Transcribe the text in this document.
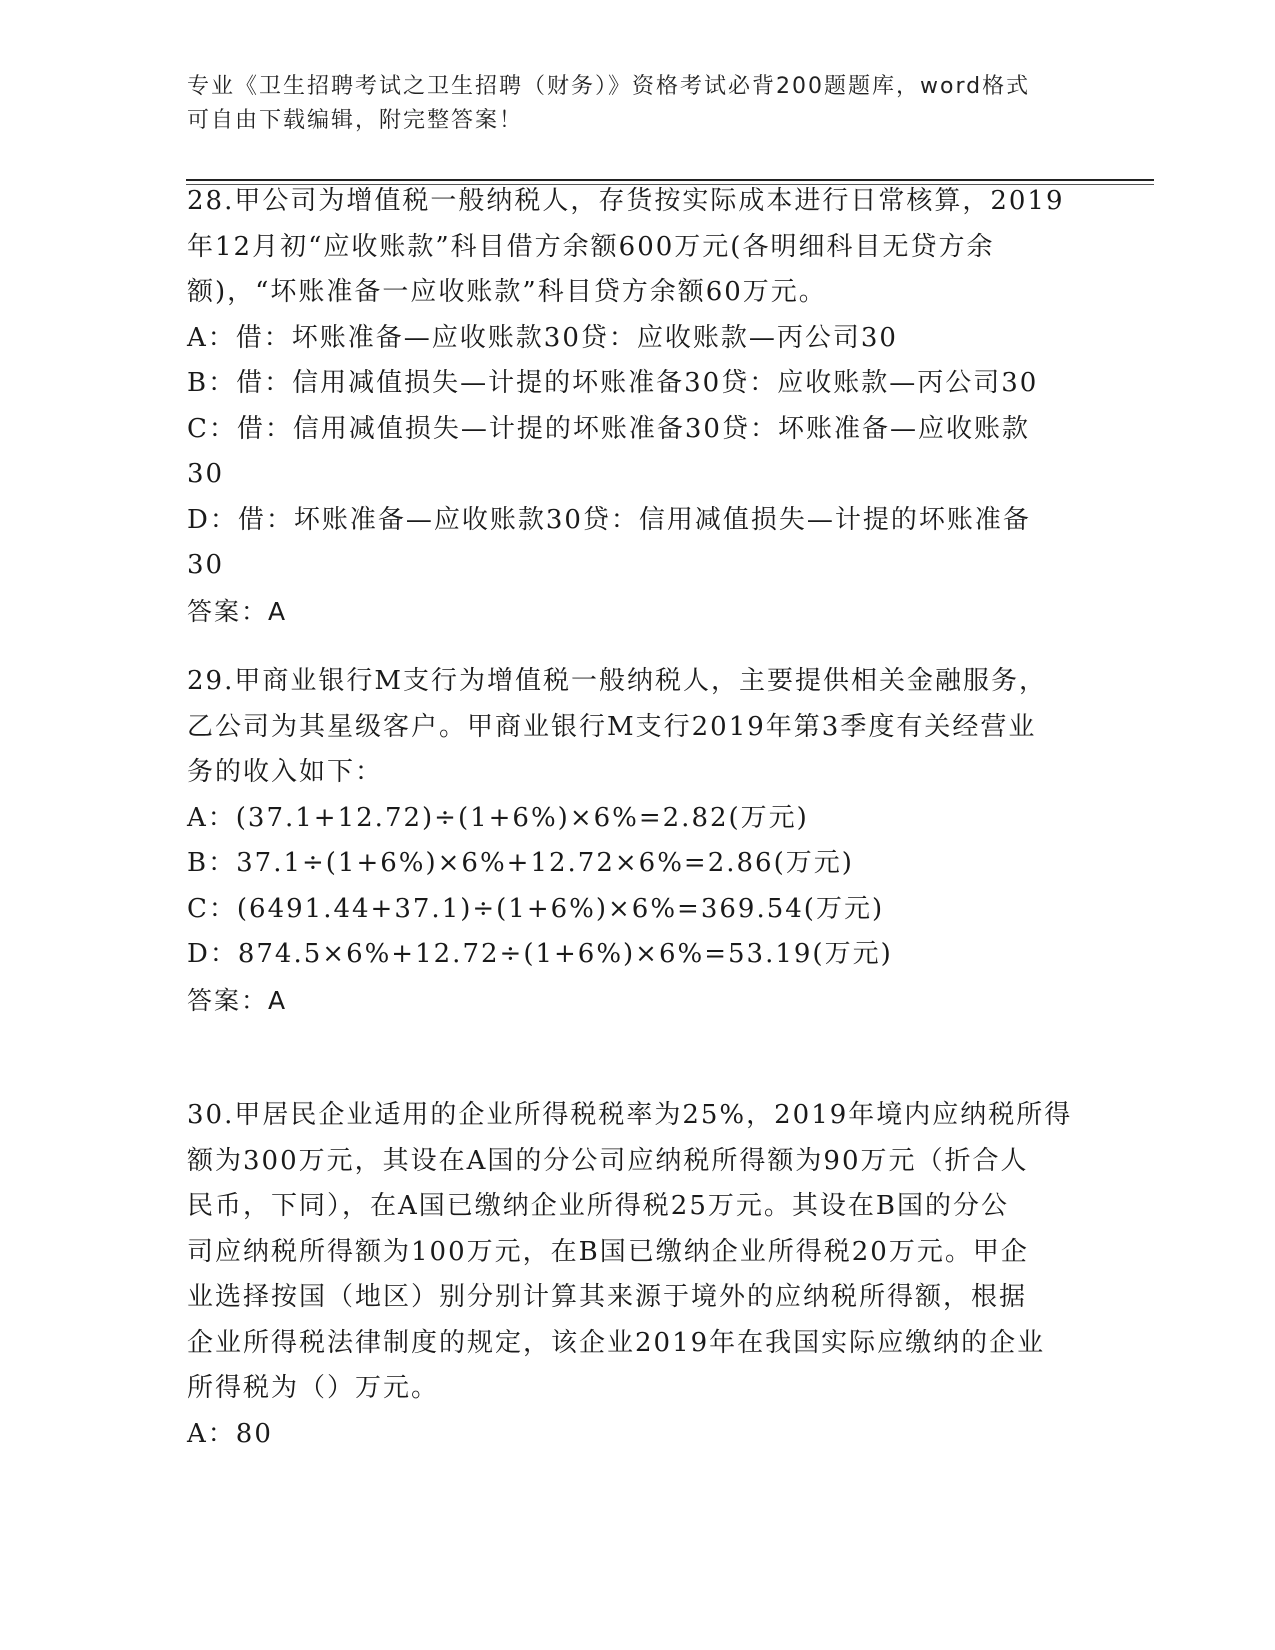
专业《卫生招聘考试之卫生招聘（财务）》资格考试必背200题题库，word格式
可自由下载编辑，附完整答案！
28.甲公司为增值税一般纳税人，存货按实际成本进行日常核算，2019
年12月初“应收账款”科目借方余额600万元(各明细科目无贷方余
额)，“坏账准备一应收账款”科目贷方余额60万元。
A：借：坏账准备—应收账款30贷：应收账款—丙公司30
B：借：信用减值损失—计提的坏账准备30贷：应收账款—丙公司30
C：借：信用减值损失—计提的坏账准备30贷：坏账准备—应收账款
30
D：借：坏账准备—应收账款30贷：信用减值损失—计提的坏账准备
30
答案：A
29.甲商业银行M支行为增值税一般纳税人，主要提供相关金融服务，
乙公司为其星级客户。甲商业银行M支行2019年第3季度有关经营业
务的收入如下：
A：(37.1+12.72)÷(1+6%)×6%=2.82(万元)
B：37.1÷(1+6%)×6%+12.72×6%=2.86(万元)
C：(6491.44+37.1)÷(1+6%)×6%=369.54(万元)
D：874.5×6%+12.72÷(1+6%)×6%=53.19(万元)
答案：A
30.甲居民企业适用的企业所得税税率为25%，2019年境内应纳税所得
额为300万元，其设在A国的分公司应纳税所得额为90万元（折合人
民币，下同），在A国已缴纳企业所得税25万元。其设在B国的分公
司应纳税所得额为100万元，在B国已缴纳企业所得税20万元。甲企
业选择按国（地区）别分别计算其来源于境外的应纳税所得额，根据
企业所得税法律制度的规定，该企业2019年在我国实际应缴纳的企业
所得税为（）万元。
A：80
